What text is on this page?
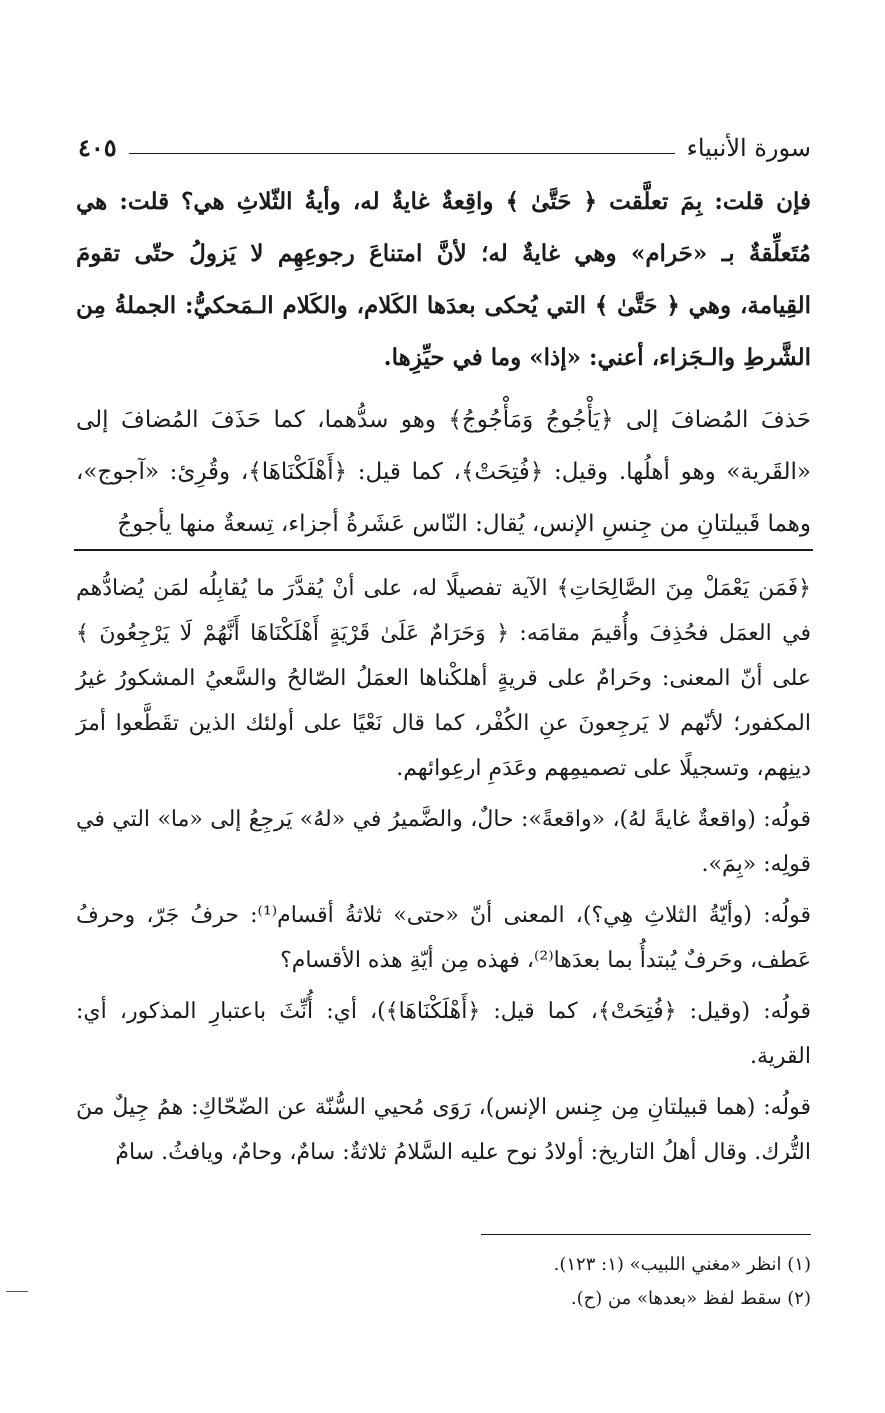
سورة الأنبياء
٤٠٥

فإن قلت: بِمَ تعلَّقت ﴿ حَتَّىٰ ﴾ واقِعةٌ غايةٌ له، وأيةُ الثّلاثِ هي؟ قلت: هي مُتَعلِّقةٌ بـ «حَرام» وهي غايةٌ له؛ لأنَّ امتناعَ رجوعِهِم لا يَزولُ حتّى تقومَ القِيامة، وهي ﴿ حَتَّىٰ ﴾ التي يُحكى بعدَها الكَلام، والكَلام الـمَحكيُّ: الجملةُ مِن الشَّرطِ والـجَزاء، أعني: «إذا» وما في حيِّزِها.

حَذفَ المُضافَ إلى ﴿يَأْجُوجُ وَمَأْجُوجُ﴾ وهو سدُّهما، كما حَذَفَ المُضافَ إلى «القَرية» وهو أهلُها. وقيل: ﴿فُتِحَتْ﴾، كما قيل: ﴿أَهْلَكْنَاهَا﴾، وقُرِئ: «آجوج»، وهما قَبيلتانِ من جِنسِ الإنس، يُقال: النّاس عَشَرةُ أجزاء، تِسعةٌ منها يأجوجُ

﴿فَمَن يَعْمَلْ مِنَ الصَّالِحَاتِ﴾ الآية تفصيلًا له، على أنْ يُقدَّرَ ما يُقابِلُه لمَن يُضادُّهم في العمَل فحُذِفَ وأُقيمَ مقامَه: ﴿ وَحَرَامٌ عَلَىٰ قَرْيَةٍ أَهْلَكْنَاهَا أَنَّهُمْ لَا يَرْجِعُونَ ﴾ على أنّ المعنى: وحَرامٌ على قريةٍ أهلكْناها العمَلُ الصّالحُ والسَّعيُ المشكورُ غيرُ المكفور؛ لأنّهم لا يَرجِعونَ عنِ الكُفْر، كما قال نَعْيًا على أولئك الذين تقَطَّعوا أمرَ دينِهم، وتسجيلًا على تصميمِهم وعَدَمِ ارعِوائهم.

قولُه: (واقعةٌ غايةً لهُ)، «واقعةً»: حالٌ، والضَّميرُ في «لهُ» يَرجِعُ إلى «ما» التي في قولِه: «بِمَ».

قولُه: (وأيّةُ الثلاثِ هِي؟)، المعنى أنّ «حتى» ثلاثةُ أقسام⁽¹⁾: حرفُ جَرّ، وحرفُ عَطف، وحَرفٌ يُبتدأُ بما بعدَها⁽²⁾، فهذه مِن أيّةِ هذه الأقسام؟

قولُه: (وقيل: ﴿فُتِحَتْ﴾، كما قيل: ﴿أَهْلَكْنَاهَا﴾)، أي: أُنِّثَ باعتبارِ المذكور، أي: القرية.

قولُه: (هما قبيلتانِ مِن جِنس الإنس)، رَوَى مُحيي السُّنّة عن الضّحّاكِ: همُ جِيلٌ منَ التُّرك. وقال أهلُ التاريخ: أولادُ نوح عليه السَّلامُ ثلاثةٌ: سامٌ، وحامٌ، ويافثُ. سامٌ

(١) انظر «مغني اللبيب» (١: ١٢٣).

(٢) سقط لفظ «بعدها» من (ح).
